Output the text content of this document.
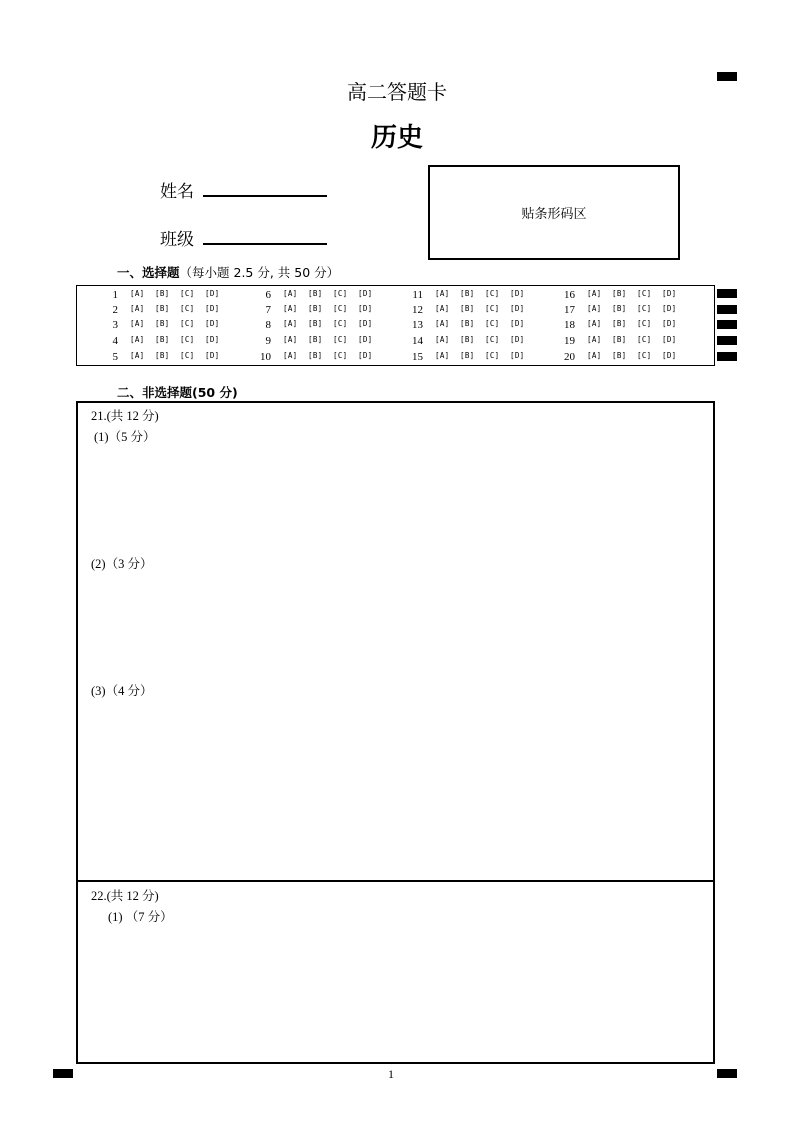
高二答题卡
历史
姓名
班级
贴条形码区
一、选择题（每小题 2.5 分, 共 50 分）
二、非选择题(50 分)
21.(共 12 分)
(1)（5 分）
(2)（3 分）
(3)（4 分）
22.(共 12 分)
(1) （7 分）
1
1 [A] [B] [C] [D]
2 [A] [B] [C] [D]
3 [A] [B] [C] [D]
4 [A] [B] [C] [D]
5 [A] [B] [C] [D]
6 [A] [B] [C] [D]
7 [A] [B] [C] [D]
8 [A] [B] [C] [D]
9 [A] [B] [C] [D]
10 [A] [B] [C] [D]
11 [A] [B] [C] [D]
12 [A] [B] [C] [D]
13 [A] [B] [C] [D]
14 [A] [B] [C] [D]
15 [A] [B] [C] [D]
16 [A] [B] [C] [D]
17 [A] [B] [C] [D]
18 [A] [B] [C] [D]
19 [A] [B] [C] [D]
20 [A] [B] [C] [D]
